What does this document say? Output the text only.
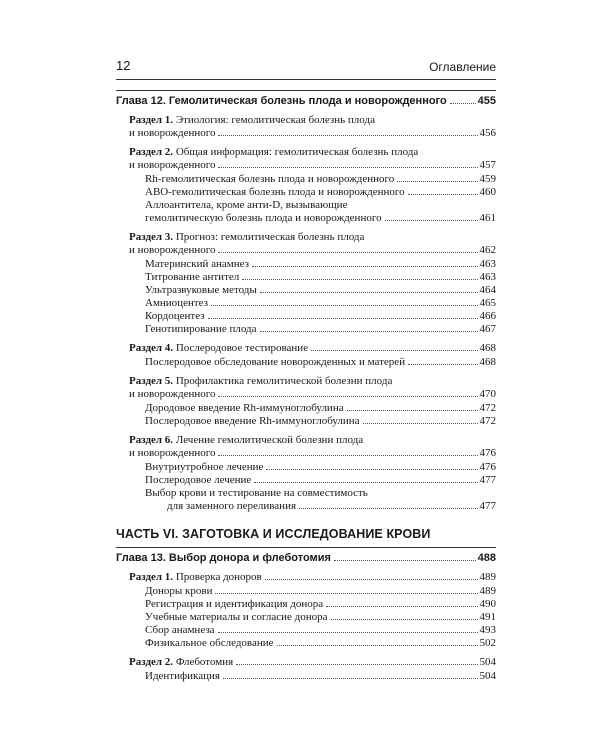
12	Оглавление
Глава 12. Гемолитическая болезнь плода и новорожденного	455
Раздел 1. Этиология: гемолитическая болезнь плода
и новорожденного	456
Раздел 2. Общая информация: гемолитическая болезнь плода
и новорожденного	457
Rh-гемолитическая болезнь плода и новорожденного	459
ABO-гемолитическая болезнь плода и новорожденного	460
Аллоантитела, кроме анти-D, вызывающие
гемолитическую болезнь плода и новорожденного	461
Раздел 3. Прогноз: гемолитическая болезнь плода
и новорожденного	462
Материнский анамнез	463
Титрование антител	463
Ультразвуковые методы	464
Амниоцентез	465
Кордоцентез	466
Генотипирование плода	467
Раздел 4. Послеродовое тестирование	468
Послеродовое обследование новорожденных и матерей	468
Раздел 5. Профилактика гемолитической болезни плода
и новорожденного	470
Дородовое введение Rh-иммуноглобулина	472
Послеродовое введение Rh-иммуноглобулина	472
Раздел 6. Лечение гемолитической болезни плода
и новорожденного	476
Внутриутробное лечение	476
Послеродовое лечение	477
Выбор крови и тестирование на совместимость
для заменного переливания	477
ЧАСТЬ VI. ЗАГОТОВКА И ИССЛЕДОВАНИЕ КРОВИ
Глава 13. Выбор донора и флеботомия	488
Раздел 1. Проверка доноров	489
Доноры крови	489
Регистрация и идентификация донора	490
Учебные материалы и согласие донора	491
Сбор анамнеза	493
Физикальное обследование	502
Раздел 2. Флеботомия	504
Идентификация	504
